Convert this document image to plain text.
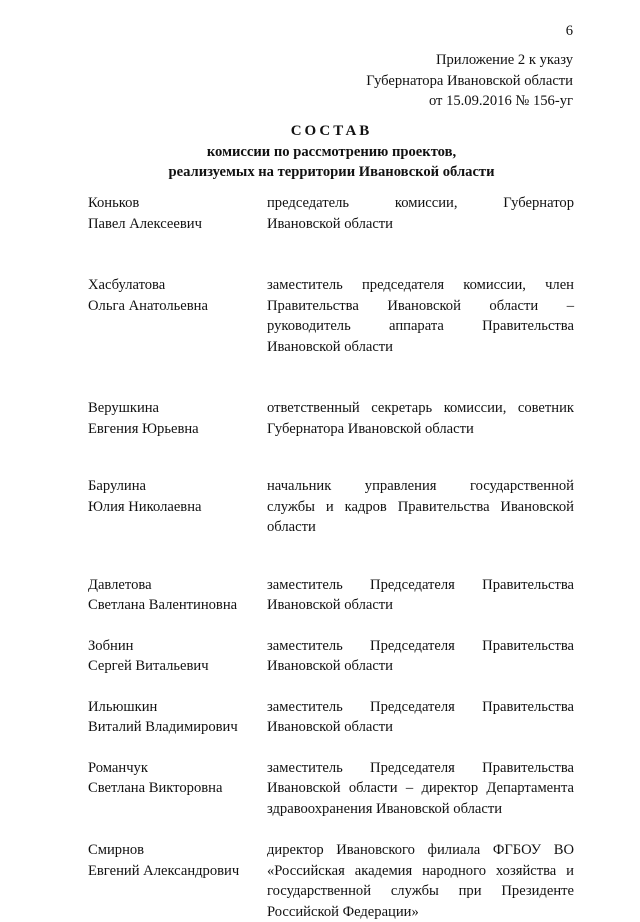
6
Приложение 2 к указу
Губернатора Ивановской области
от 15.09.2016 № 156-уг
СОСТАВ
комиссии по рассмотрению проектов,
реализуемых на территории Ивановской области
Коньков
Павел Алексеевич
председатель комиссии, Губернатор
Ивановской области
Хасбулатова
Ольга Анатольевна
заместитель председателя комиссии, член
Правительства Ивановской области –
руководитель аппарата Правительства
Ивановской области
Верушкина
Евгения Юрьевна
ответственный секретарь комиссии, советник
Губернатора Ивановской области
Барулина
Юлия Николаевна
начальник управления государственной
службы и кадров Правительства Ивановской
области
Давлетова
Светлана Валентиновна
заместитель Председателя Правительства
Ивановской области
Зобнин
Сергей Витальевич
заместитель Председателя Правительства
Ивановской области
Ильюшкин
Виталий Владимирович
заместитель Председателя Правительства
Ивановской области
Романчук
Светлана Викторовна
заместитель Председателя Правительства
Ивановской области – директор Департамента
здравоохранения Ивановской области
Смирнов
Евгений Александрович
директор Ивановского филиала ФГБОУ ВО
«Российская академия народного хозяйства и
государственной службы при Президенте
Российской Федерации»
